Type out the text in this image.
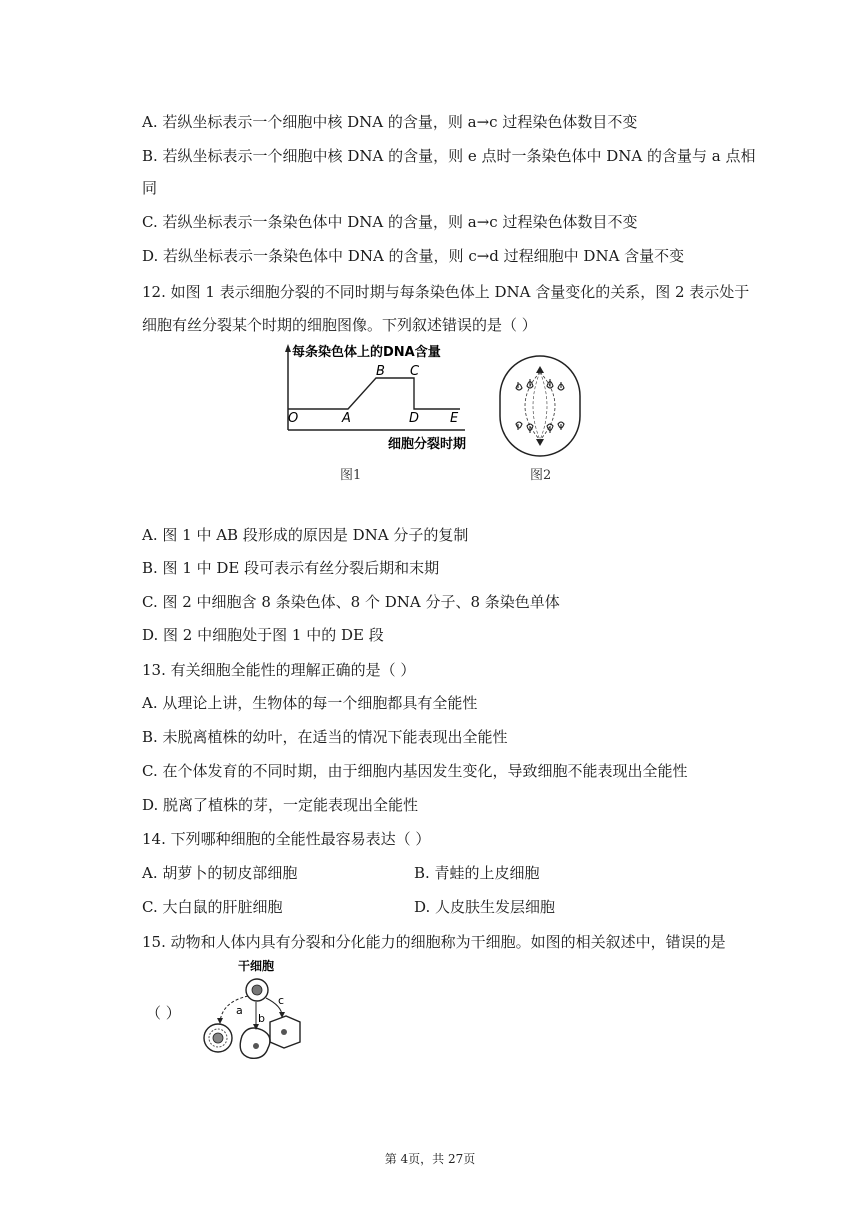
A. 若纵坐标表示一个细胞中核 DNA 的含量，则 a→c 过程染色体数目不变
B. 若纵坐标表示一个细胞中核 DNA 的含量，则 e 点时一条染色体中 DNA 的含量与 a 点相
同
C. 若纵坐标表示一条染色体中 DNA 的含量，则 a→c 过程染色体数目不变
D. 若纵坐标表示一条染色体中 DNA 的含量，则 c→d 过程细胞中 DNA 含量不变
12. 如图 1 表示细胞分裂的不同时期与每条染色体上 DNA 含量变化的关系，图 2 表示处于
细胞有丝分裂某个时期的细胞图像。下列叙述错误的是（ ）
每条染色体上的DNA含量
O	A
B C
D E
细胞分裂时期
图1	图2
A. 图 1 中 AB 段形成的原因是 DNA 分子的复制
B. 图 1 中 DE 段可表示有丝分裂后期和末期
C. 图 2 中细胞含 8 条染色体、8 个 DNA 分子、8 条染色单体
D. 图 2 中细胞处于图 1 中的 DE 段
13. 有关细胞全能性的理解正确的是（ ）
A. 从理论上讲，生物体的每一个细胞都具有全能性
B. 未脱离植株的幼叶，在适当的情况下能表现出全能性
C. 在个体发育的不同时期，由于细胞内基因发生变化，导致细胞不能表现出全能性
D. 脱离了植株的芽，一定能表现出全能性
14. 下列哪种细胞的全能性最容易表达（ ）
A. 胡萝卜的韧皮部细胞	B. 青蛙的上皮细胞
C. 大白鼠的肝脏细胞	D. 人皮肤生发层细胞
15. 动物和人体内具有分裂和分化能力的细胞称为干细胞。如图的相关叙述中，错误的是
（ ）
干细胞
a
b
c
第 4页，共 27页
